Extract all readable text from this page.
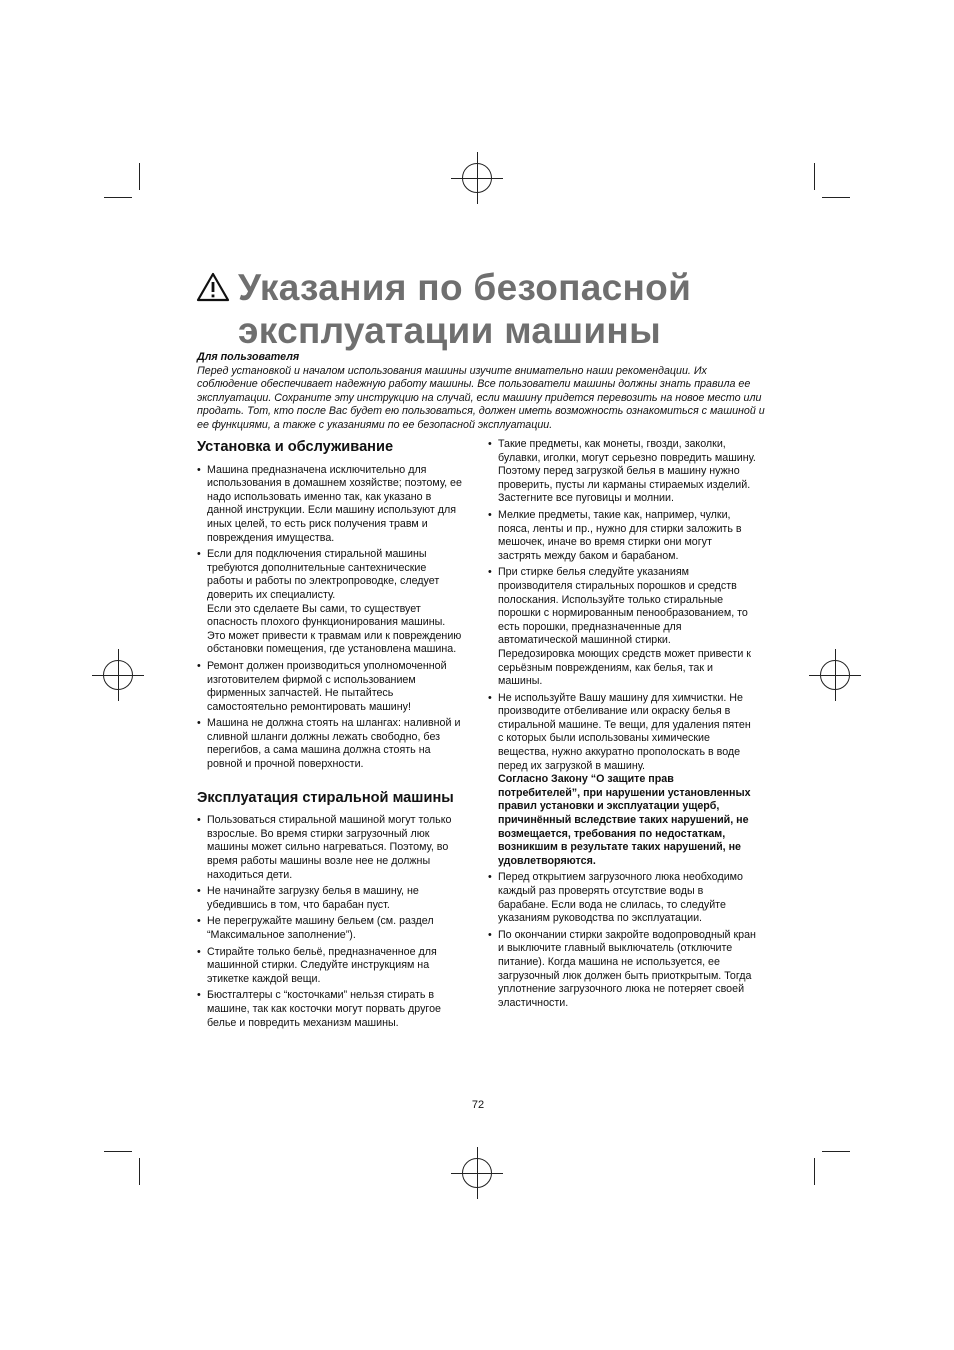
Указания по безопасной
эксплуатации машины

Для пользователя

Перед установкой и началом использования машины изучите внимательно наши рекомендации. Их соблюдение обеспечивает надежную работу машины. Все пользователи машины должны знать правила ее эксплуатации. Сохраните эту инструкцию на случай, если машину придется перевозить на новое место или продать. Тот, кто после Вас будет ею пользоваться, должен иметь возможность ознакомиться с машиной и ее функциями, а также с указаниями по ее безопасной эксплуатации.

Установка и обслуживание
• Машина предназначена исключительно для использования в домашнем хозяйстве; поэтому, ее надо использовать именно так, как указано в данной инструкции. Если машину используют для иных целей, то есть риск получения травм и повреждения имущества.
• Если для подключения стиральной машины требуются дополнительные сантехнические работы и работы по электропроводке, следует доверить их специалисту.
Если это сделаете Вы сами, то существует опасность плохого функционирования машины. Это может привести к травмам или к повреждению обстановки помещения, где установлена машина.
• Ремонт должен производиться уполномоченной изготовителем фирмой с использованием фирменных запчастей. Не пытайтесь самостоятельно ремонтировать машину!
• Машина не должна стоять на шлангах: наливной и сливной шланги должны лежать свободно, без перегибов, а сама машина должна стоять на ровной и прочной поверхности.
Эксплуатация стиральной машины
• Пользоваться стиральной машиной могут только взрослые. Во время стирки загрузочный люк машины может сильно нагреваться. Поэтому, во время работы машины возле нее не должны находиться дети.
• Не начинайте загрузку белья в машину, не убедившись в том, что барабан пуст.
• Не перегружайте машину бельем (см. раздел “Максимальное заполнение”).
• Стирайте только бельё, предназначенное для машинной стирки. Следуйте инструкциям на этикетке каждой вещи.
• Бюстгалтеры с “косточками” нельзя стирать в машине, так как косточки могут порвать другое белье и повредить механизм машины.
• Такие предметы, как монеты, гвозди, заколки, булавки, иголки, могут серьезно повредить машину. Поэтому перед загрузкой белья в машину нужно проверить, пусты ли карманы стираемых изделий. Застегните все пуговицы и молнии.
• Мелкие предметы, такие как, например, чулки, пояса, ленты и пр., нужно для стирки заложить в мешочек, иначе во время стирки они могут застрять между баком и барабаном.
• При стирке белья следуйте указаниям производителя стиральных порошков и средств полоскания. Используйте только стиральные порошки с нормированным пенообразованием, то есть порошки, предназначенные для автоматической машинной стирки.
Передозировка моющих средств может привести к серьёзным повреждениям, как белья, так и машины.
• Не используйте Вашу машину для химчистки. Не производите отбеливание или окраску белья в стиральной машине. Те вещи, для удаления пятен с которых были использованы химические вещества, нужно аккуратно прополоскать в воде перед их загрузкой в машину.
Согласно Закону “О защите прав потребителей”, при нарушении установленных правил установки и эксплуатации ущерб, причинённый вследствие таких нарушений, не возмещается, требования по недостаткам, возникшим в результате таких нарушений, не удовлетворяются.
• Перед открытием загрузочного люка необходимо каждый раз проверять отсутствие воды в барабане. Если вода не слилась, то следуйте указаниям руководства по эксплуатации.
• По окончании стирки закройте водопроводный кран и выключите главный выключатель (отключите питание). Когда машина не используется, ее загрузочный люк должен быть приоткрытым. Тогда уплотнение загрузочного люка не потеряет своей эластичности.
72
